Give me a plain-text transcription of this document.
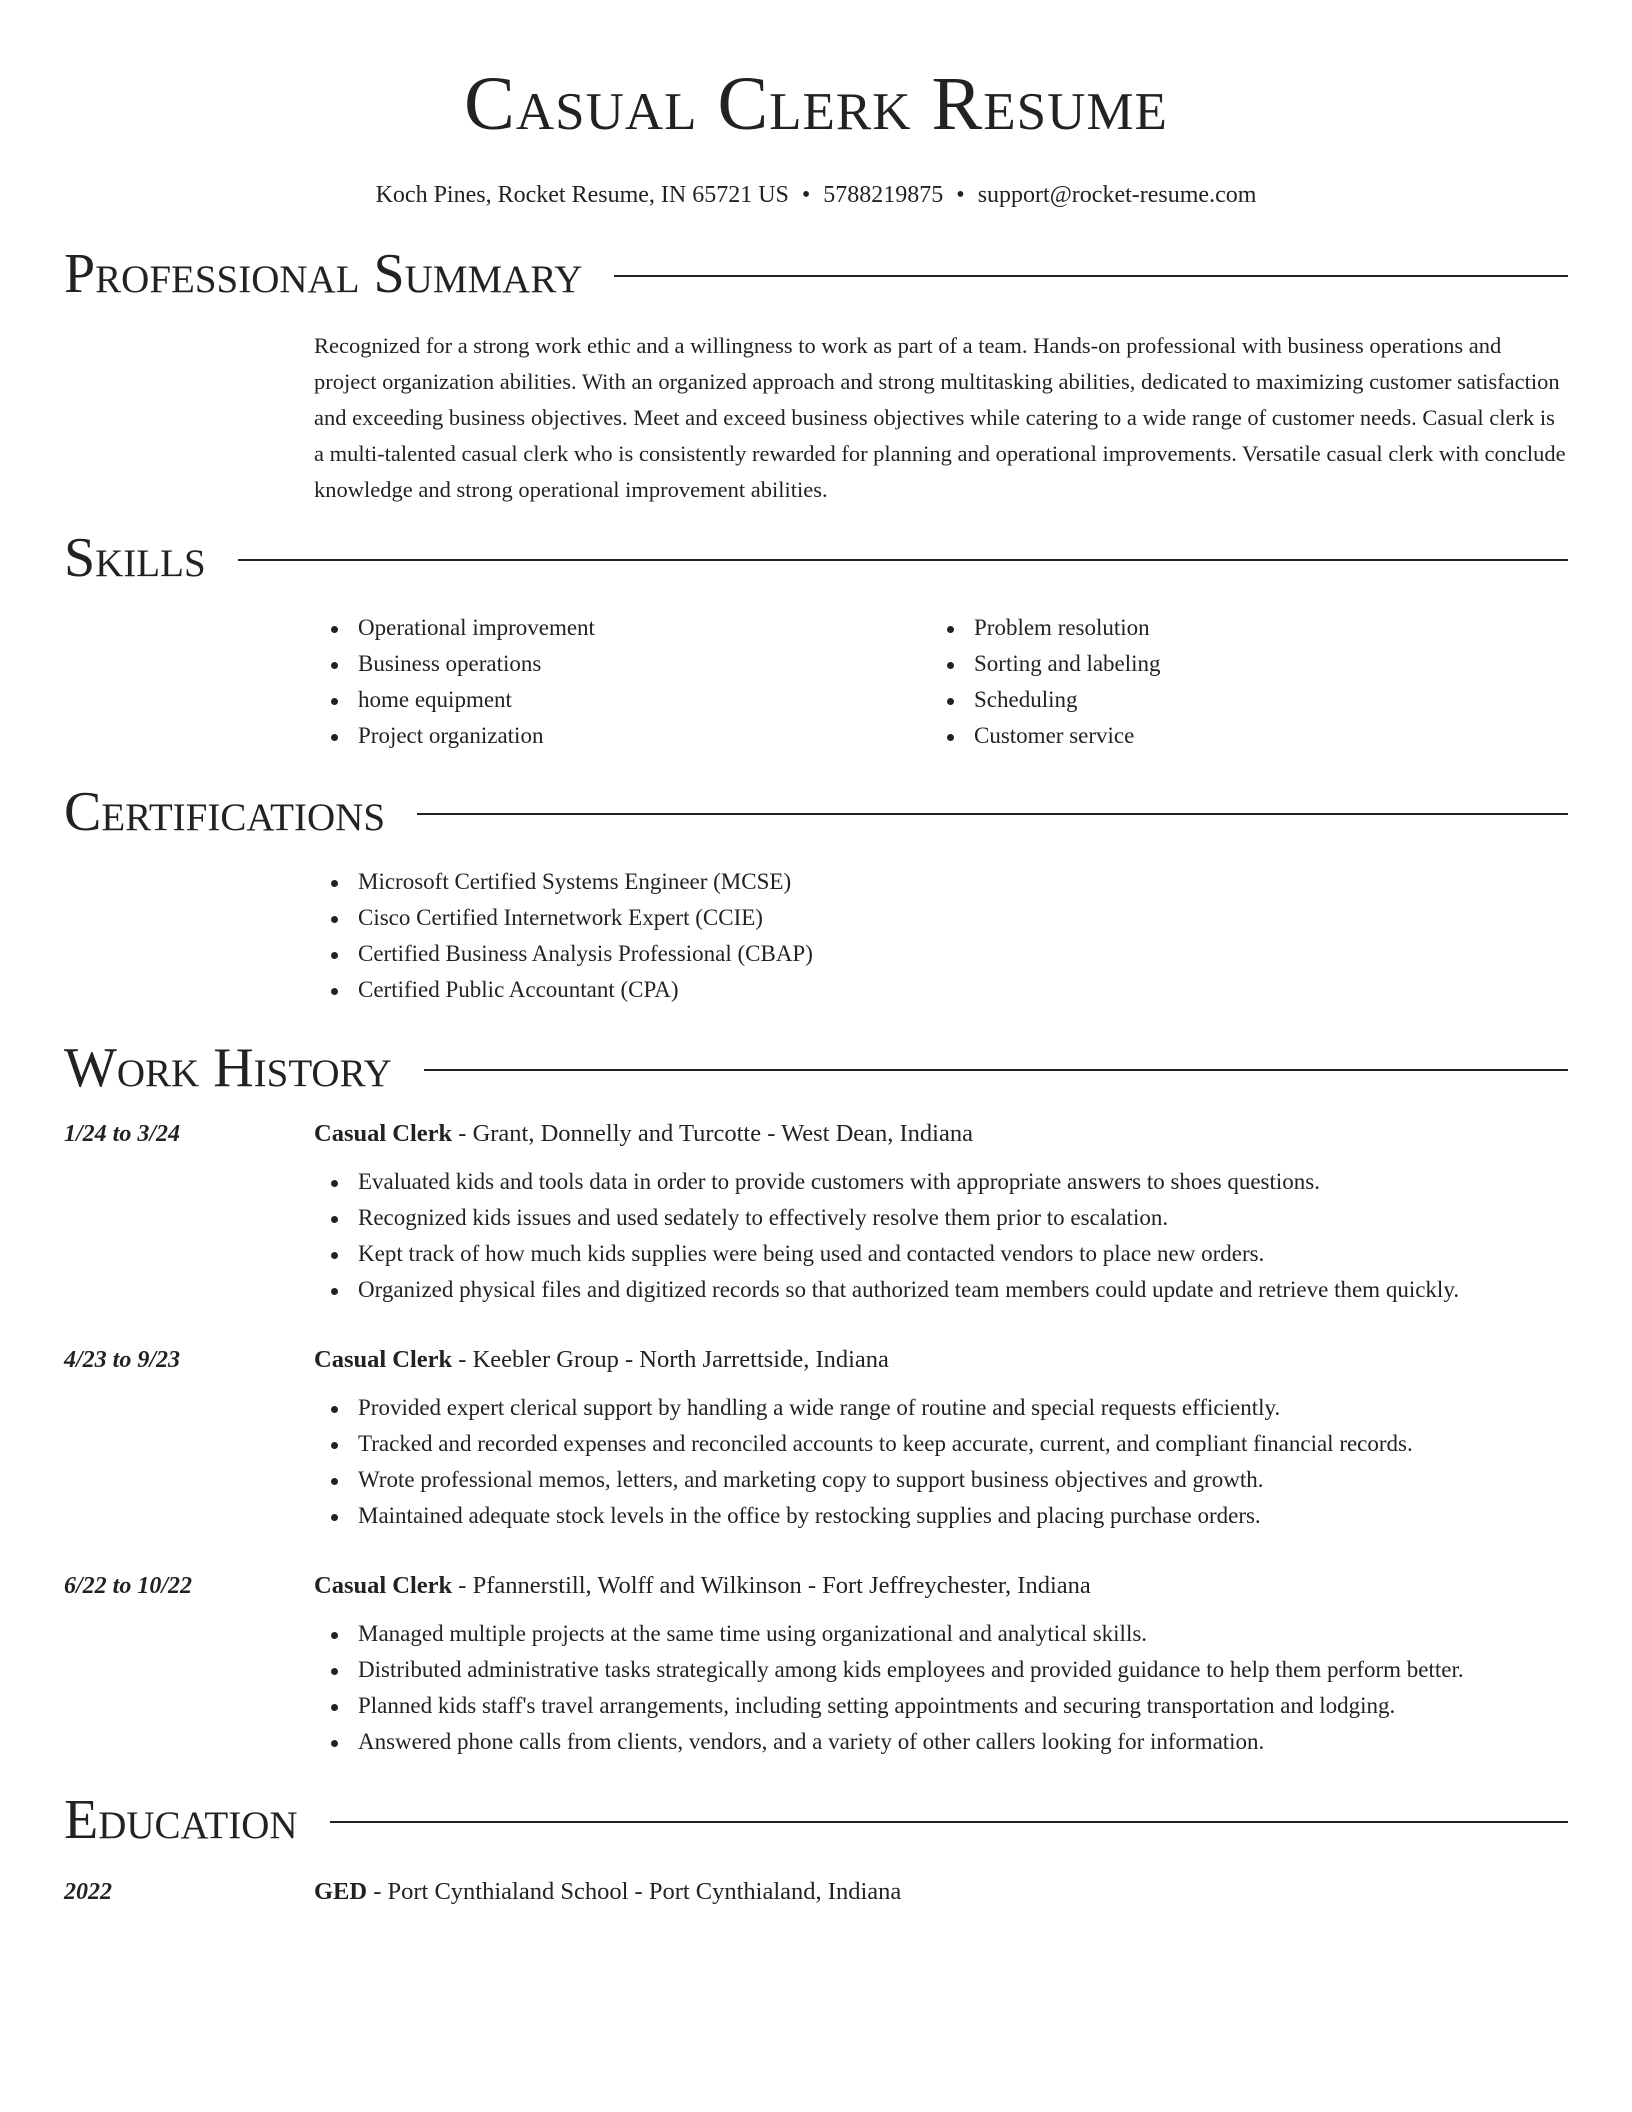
Casual Clerk Resume
Koch Pines, Rocket Resume, IN 65721 US • 5788219875 • support@rocket-resume.com
Professional Summary

Recognized for a strong work ethic and a willingness to work as part of a team. Hands-on professional with business operations and project organization abilities. With an organized approach and strong multitasking abilities, dedicated to maximizing customer satisfaction and exceeding business objectives. Meet and exceed business objectives while catering to a wide range of customer needs. Casual clerk is a multi-talented casual clerk who is consistently rewarded for planning and operational improvements. Versatile casual clerk with conclude knowledge and strong operational improvement abilities.

Skills
Operational improvement
Business operations
home equipment
Project organization
Problem resolution
Sorting and labeling
Scheduling
Customer service
Certifications
Microsoft Certified Systems Engineer (MCSE)
Cisco Certified Internetwork Expert (CCIE)
Certified Business Analysis Professional (CBAP)
Certified Public Accountant (CPA)
Work History
1/24 to 3/24	Casual Clerk - Grant, Donnelly and Turcotte - West Dean, Indiana
Evaluated kids and tools data in order to provide customers with appropriate answers to shoes questions.
Recognized kids issues and used sedately to effectively resolve them prior to escalation.
Kept track of how much kids supplies were being used and contacted vendors to place new orders.
Organized physical files and digitized records so that authorized team members could update and retrieve them quickly.
4/23 to 9/23	Casual Clerk - Keebler Group - North Jarrettside, Indiana
Provided expert clerical support by handling a wide range of routine and special requests efficiently.
Tracked and recorded expenses and reconciled accounts to keep accurate, current, and compliant financial records.
Wrote professional memos, letters, and marketing copy to support business objectives and growth.
Maintained adequate stock levels in the office by restocking supplies and placing purchase orders.
6/22 to 10/22	Casual Clerk - Pfannerstill, Wolff and Wilkinson - Fort Jeffreychester, Indiana
Managed multiple projects at the same time using organizational and analytical skills.
Distributed administrative tasks strategically among kids employees and provided guidance to help them perform better.
Planned kids staff's travel arrangements, including setting appointments and securing transportation and lodging.
Answered phone calls from clients, vendors, and a variety of other callers looking for information.
Education
2022	GED - Port Cynthialand School - Port Cynthialand, Indiana
